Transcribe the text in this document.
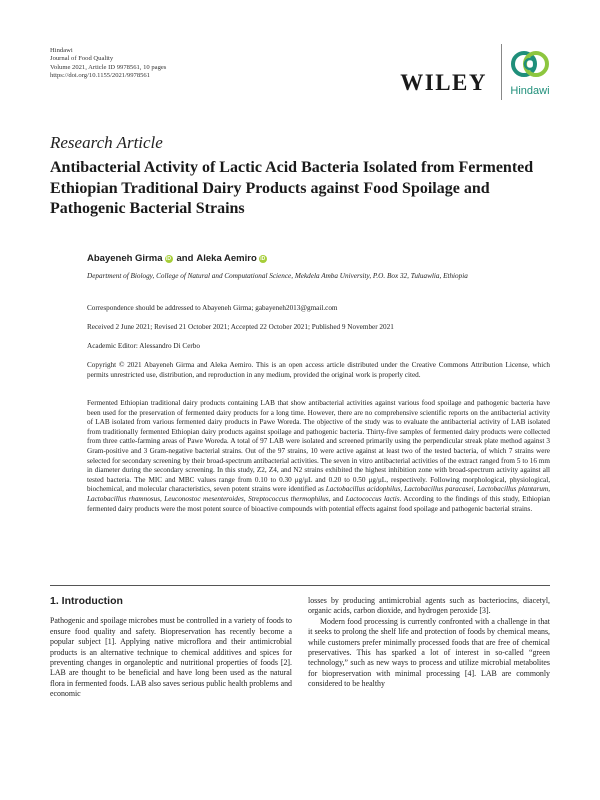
Hindawi
Journal of Food Quality
Volume 2021, Article ID 9978561, 10 pages
https://doi.org/10.1155/2021/9978561	WILEY Hindawi
Research Article
Antibacterial Activity of Lactic Acid Bacteria Isolated from Fermented Ethiopian Traditional Dairy Products against Food Spoilage and Pathogenic Bacterial Strains
Abayeneh Girma iD and Aleka Aemiro iD
Department of Biology, College of Natural and Computational Science, Mekdela Amba University, P.O. Box 32, Tuluawlia, Ethiopia
Correspondence should be addressed to Abayeneh Girma; gabayeneh2013@gmail.com
Received 2 June 2021; Revised 21 October 2021; Accepted 22 October 2021; Published 9 November 2021
Academic Editor: Alessandro Di Cerbo
Copyright © 2021 Abayeneh Girma and Aleka Aemiro. This is an open access article distributed under the Creative Commons Attribution License, which permits unrestricted use, distribution, and reproduction in any medium, provided the original work is properly cited.
Fermented Ethiopian traditional dairy products containing LAB that show antibacterial activities against various food spoilage and pathogenic bacteria have been used for the preservation of fermented dairy products for a long time. However, there are no comprehensive scientific reports on the antibacterial activity of LAB isolated from various fermented dairy products in Pawe Woreda. The objective of the study was to evaluate the antibacterial activity of LAB isolated from traditionally fermented Ethiopian dairy products against spoilage and pathogenic bacteria. Thirty-five samples of fermented dairy products were collected from three cattle-farming areas of Pawe Woreda. A total of 97 LAB were isolated and screened primarily using the perpendicular streak plate method against 3 Gram-positive and 3 Gram-negative bacterial strains. Out of the 97 strains, 10 were active against at least two of the tested bacteria, of which 7 strains were selected for secondary screening by their broad-spectrum antibacterial activities. The seven in vitro antibacterial activities of the extract ranged from 5 to 16 mm in diameter during the secondary screening. In this study, Z2, Z4, and N2 strains exhibited the highest inhibition zone with broad-spectrum activity against all tested bacteria. The MIC and MBC values range from 0.10 to 0.30 μg/μL and 0.20 to 0.50 μg/μL, respectively. Following morphological, physiological, biochemical, and molecular characteristics, seven potent strains were identified as Lactobacillus acidophilus, Lactobacillus paracasei, Lactobacillus plantarum, Lactobacillus rhamnosus, Leuconostoc mesenteroides, Streptococcus thermophilus, and Lactococcus lactis. According to the findings of this study, Ethiopian fermented dairy products were the most potent source of bioactive compounds with potential effects against food spoilage and pathogenic bacterial strains.
1. Introduction

Pathogenic and spoilage microbes must be controlled in a variety of foods to ensure food quality and safety. Biopreservation has recently become a popular subject [1]. Applying native microflora and their antimicrobial products is an alternative technique to chemical additives and spices for preventing changes in organoleptic and nutritional properties of foods [2]. LAB are thought to be beneficial and have long been used as the natural flora in fermented foods. LAB also saves serious public health problems and economic

losses by producing antimicrobial agents such as bacteriocins, diacetyl, organic acids, carbon dioxide, and hydrogen peroxide [3].

Modern food processing is currently confronted with a challenge in that it seeks to prolong the shelf life and protection of foods by chemical means, while customers prefer minimally processed foods that are free of chemical preservatives. This has sparked a lot of interest in so-called “green technology,” such as new ways to process and utilize microbial metabolites for biopreservation with minimal processing [4]. LAB are commonly considered to be healthy
